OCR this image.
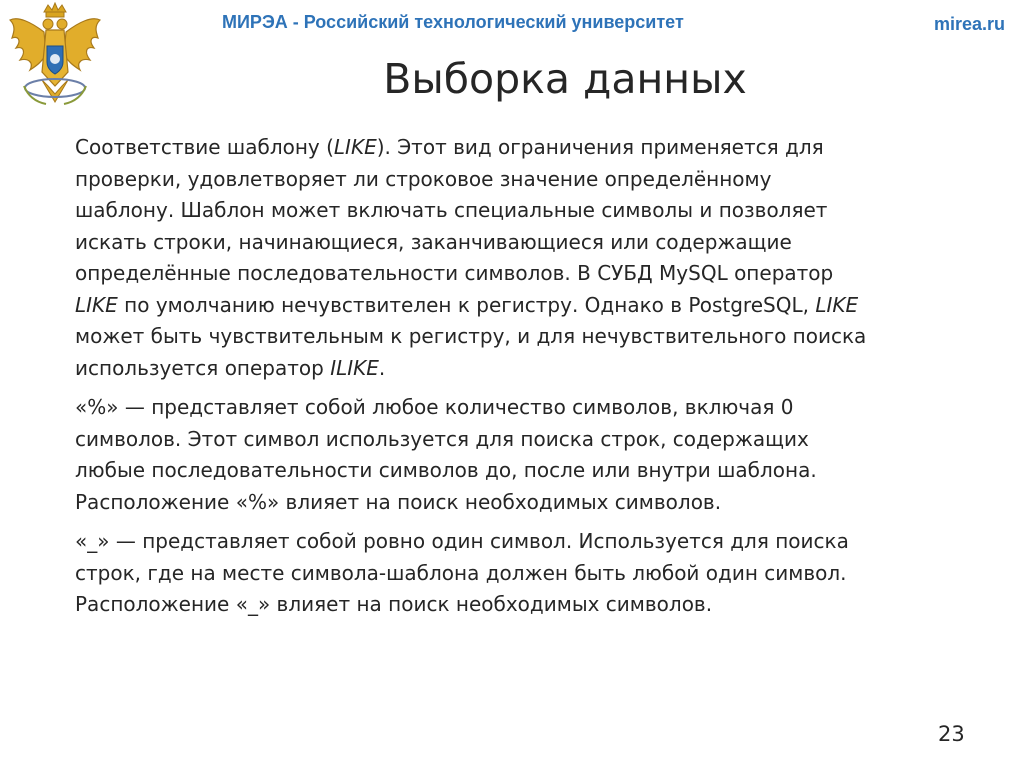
МИРЭА - Российский технологический университет	mirea.ru
Выборка данных

Соответствие шаблону (LIKE). Этот вид ограничения применяется для
проверки, удовлетворяет ли строковое значение определённому
шаблону. Шаблон может включать специальные символы и позволяет
искать строки, начинающиеся, заканчивающиеся или содержащие
определённые последовательности символов. В СУБД MySQL оператор
LIKE по умолчанию нечувствителен к регистру. Однако в PostgreSQL, LIKE
может быть чувствительным к регистру, и для нечувствительного поиска
используется оператор ILIKE.

«%» — представляет собой любое количество символов, включая 0
символов. Этот символ используется для поиска строк, содержащих
любые последовательности символов до, после или внутри шаблона.
Расположение «%» влияет на поиск необходимых символов.

«_» — представляет собой ровно один символ. Используется для поиска
строк, где на месте символа-шаблона должен быть любой один символ.
Расположение «_» влияет на поиск необходимых символов.

23
